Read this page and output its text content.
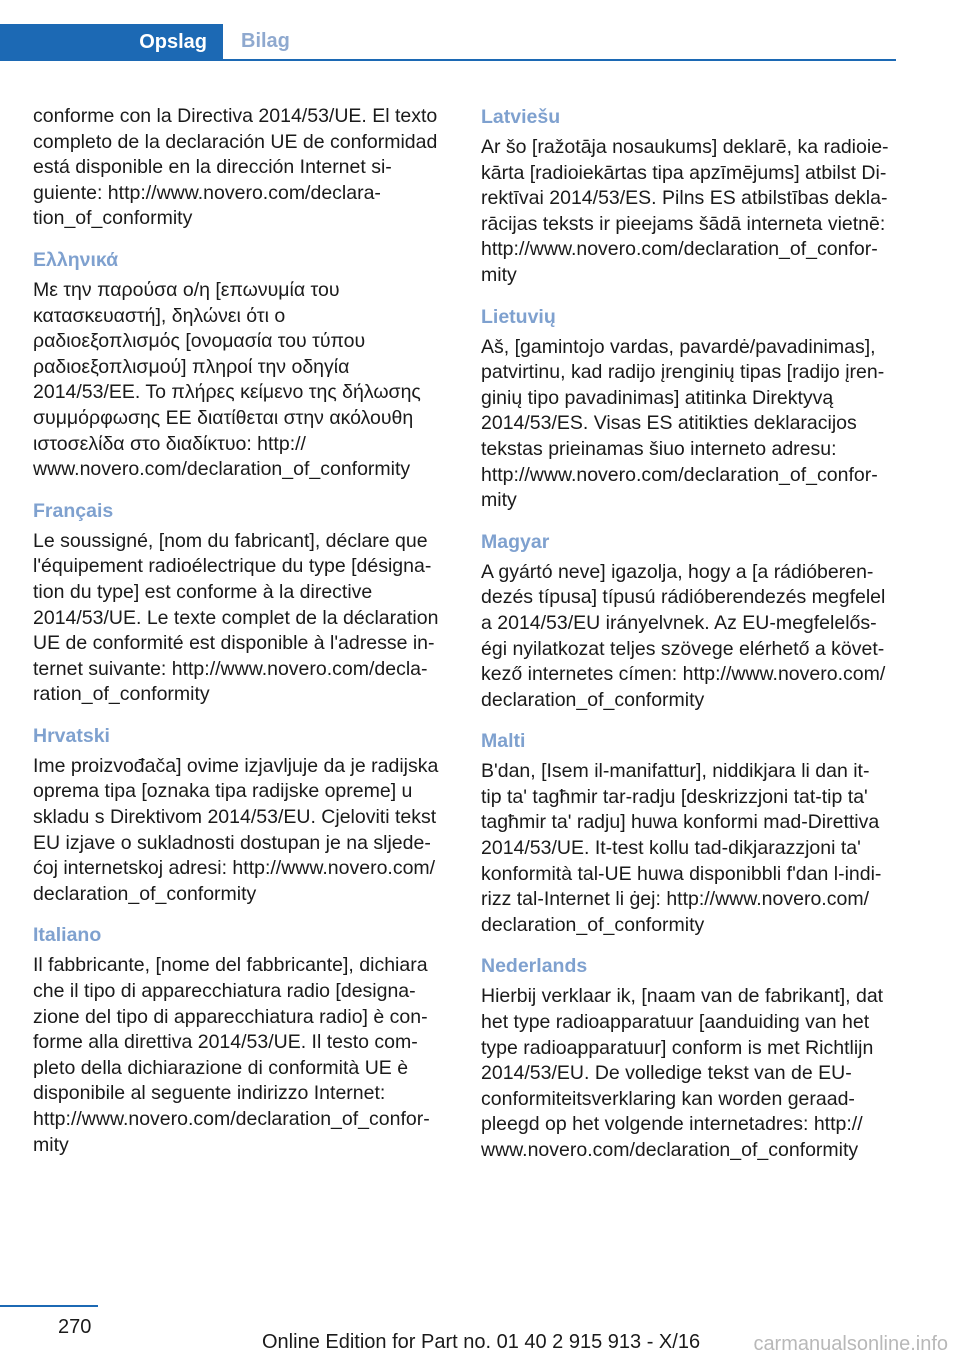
Opslag	Bilag

conforme con la Directiva 2014/53/UE. El texto
completo de la declaración UE de conformidad
está disponible en la dirección Internet si‐
guiente: http://www.novero.com/declara‐
tion_of_conformity

Ελληνικά

Με την παρούσα ο/η [επωνυμία του
κατασκευαστή], δηλώνει ότι ο
ραδιοεξοπλισμός [ονομασία του τύπου
ραδιοεξοπλισμού] πληροί την οδηγία
2014/53/ΕΕ. Το πλήρες κείμενο της δήλωσης
συμμόρφωσης ΕΕ διατίθεται στην ακόλουθη
ιστοσελίδα στο διαδίκτυο: http://
www.novero.com/declaration_of_conformity

Français

Le soussigné, [nom du fabricant], déclare que
l'équipement radioélectrique du type [désigna‐
tion du type] est conforme à la directive
2014/53/UE. Le texte complet de la déclaration
UE de conformité est disponible à l'adresse in‐
ternet suivante: http://www.novero.com/decla‐
ration_of_conformity

Hrvatski

Ime proizvođača] ovime izjavljuje da je radijska
oprema tipa [oznaka tipa radijske opreme] u
skladu s Direktivom 2014/53/EU. Cjeloviti tekst
EU izjave o sukladnosti dostupan je na sljede‐
ćoj internetskoj adresi: http://www.novero.com/
declaration_of_conformity

Italiano

Il fabbricante, [nome del fabbricante], dichiara
che il tipo di apparecchiatura radio [designa‐
zione del tipo di apparecchiatura radio] è con‐
forme alla direttiva 2014/53/UE. Il testo com‐
pleto della dichiarazione di conformità UE è
disponibile al seguente indirizzo Internet:
http://www.novero.com/declaration_of_confor‐
mity

Latviešu

Ar šo [ražotāja nosaukums] deklarē, ka radioie‐
kārta [radioiekārtas tipa apzīmējums] atbilst Di‐
rektīvai 2014/53/ES. Pilns ES atbilstības dekla‐
rācijas teksts ir pieejams šādā interneta vietnē:
http://www.novero.com/declaration_of_confor‐
mity

Lietuvių

Aš, [gamintojo vardas, pavardė/pavadinimas],
patvirtinu, kad radijo įrenginių tipas [radijo įren‐
ginių tipo pavadinimas] atitinka Direktyvą
2014/53/ES. Visas ES atitikties deklaracijos
tekstas prieinamas šiuo interneto adresu:
http://www.novero.com/declaration_of_confor‐
mity

Magyar

A gyártó neve] igazolja, hogy a [a rádióberen‐
dezés típusa] típusú rádióberendezés megfelel
a 2014/53/EU irányelvnek. Az EU-megfelelős‐
égi nyilatkozat teljes szövege elérhető a követ‐
kező internetes címen: http://www.novero.com/
declaration_of_conformity

Malti

B'dan, [Isem il-manifattur], niddikjara li dan it-
tip ta' tagħmir tar-radju [deskrizzjoni tat-tip ta'
tagħmir ta' radju] huwa konformi mad-Direttiva
2014/53/UE. It-test kollu tad-dikjarazzjoni ta'
konformità tal-UE huwa disponibbli f'dan l-indi‐
rizz tal-Internet li ġej: http://www.novero.com/
declaration_of_conformity

Nederlands

Hierbij verklaar ik, [naam van de fabrikant], dat
het type radioapparatuur [aanduiding van het
type radioapparatuur] conform is met Richtlijn
2014/53/EU. De volledige tekst van de EU-
conformiteitsverklaring kan worden geraad‐
pleegd op het volgende internetadres: http://
www.novero.com/declaration_of_conformity

270
Online Edition for Part no. 01 40 2 915 913 - X/16	carmanualsonline.info
